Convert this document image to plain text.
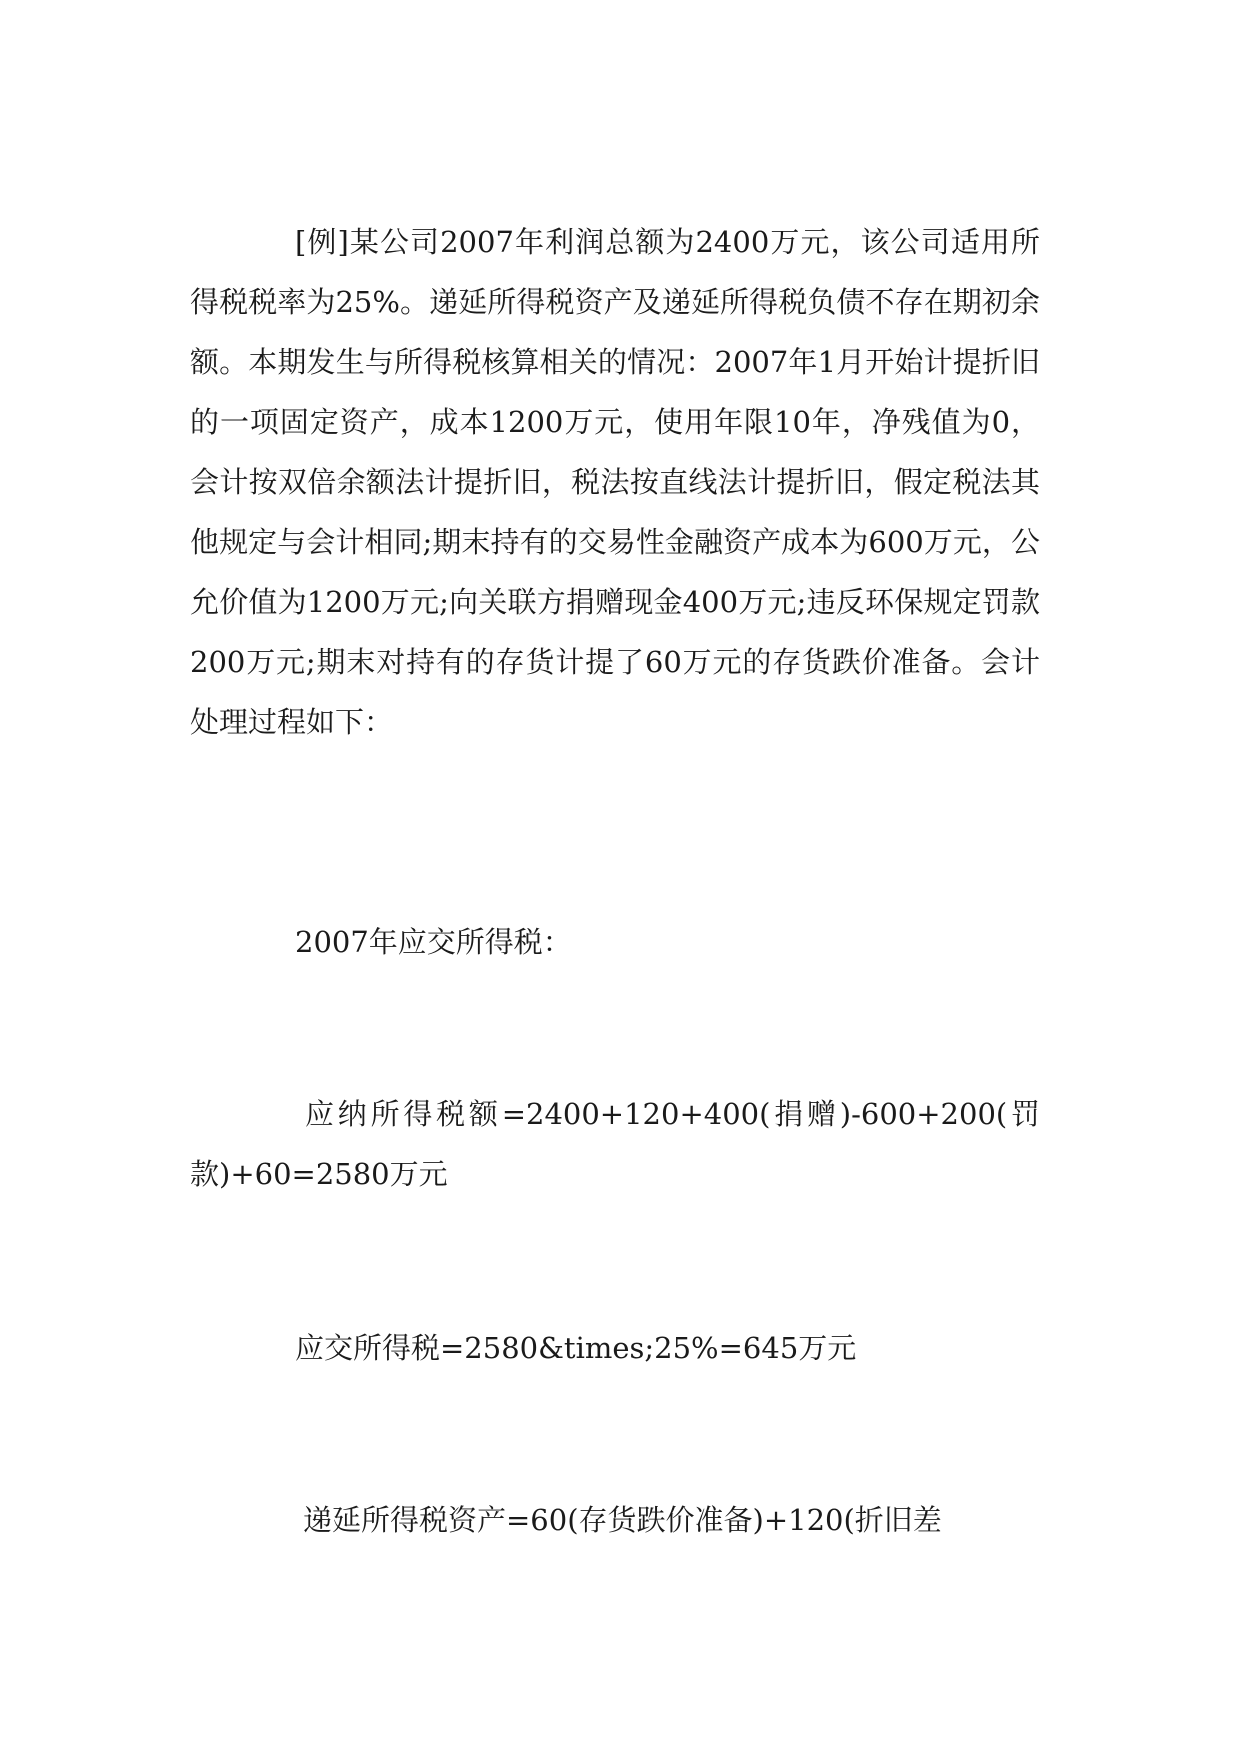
[例]某公司2007年利润总额为2400万元，该公司适用所得税税率为25%。递延所得税资产及递延所得税负债不存在期初余额。本期发生与所得税核算相关的情况：2007年1月开始计提折旧的一项固定资产，成本1200万元，使用年限10年，净残值为0，会计按双倍余额法计提折旧，税法按直线法计提折旧，假定税法其他规定与会计相同;期末持有的交易性金融资产成本为600万元，公允价值为1200万元;向关联方捐赠现金400万元;违反环保规定罚款200万元;期末对持有的存货计提了60万元的存货跌价准备。会计处理过程如下：

2007年应交所得税：

应纳所得税额=2400+120+400(捐赠)-600+200(罚款)+60=2580万元

应交所得税=2580&times;25%=645万元

递延所得税资产=60(存货跌价准备)+120(折旧差
